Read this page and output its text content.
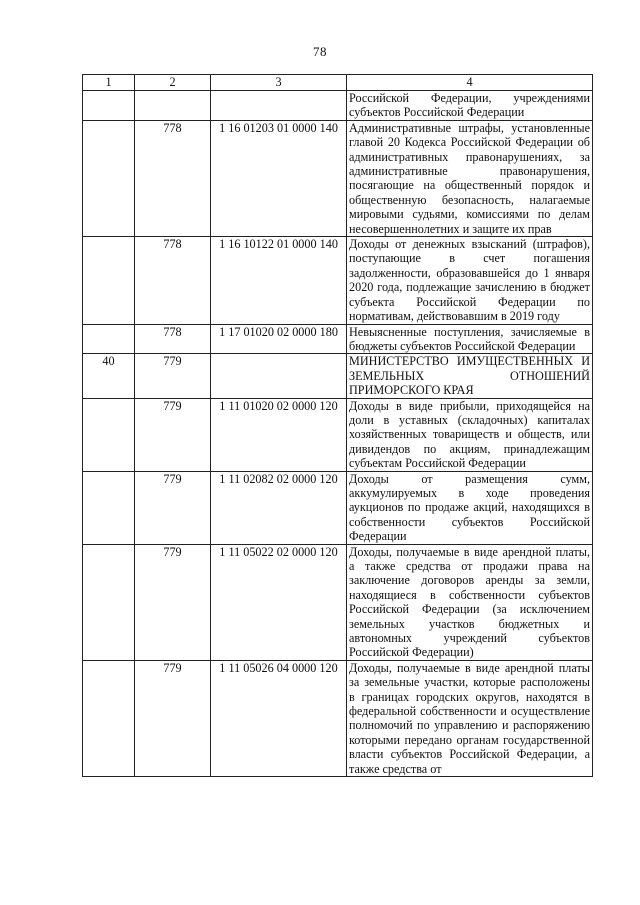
78
1	2	3	4
			Российской Федерации, учреждениями субъектов Российской Федерации
	778	1 16 01203 01 0000 140	Административные штрафы, установленные главой 20 Кодекса Российской Федерации об административных правонарушениях, за административные правонарушения, посягающие на общественный порядок и общественную безопасность, налагаемые мировыми судьями, комиссиями по делам несовершеннолетних и защите их прав
	778	1 16 10122 01 0000 140	Доходы от денежных взысканий (штрафов), поступающие в счет погашения задолженности, образовавшейся до 1 января 2020 года, подлежащие зачислению в бюджет субъекта Российской Федерации по нормативам, действовавшим в 2019 году
	778	1 17 01020 02 0000 180	Невыясненные поступления, зачисляемые в бюджеты субъектов Российской Федерации
40	779		МИНИСТЕРСТВО ИМУЩЕСТВЕННЫХ И ЗЕМЕЛЬНЫХ ОТНОШЕНИЙ ПРИМОРСКОГО КРАЯ
	779	1 11 01020 02 0000 120	Доходы в виде прибыли, приходящейся на доли в уставных (складочных) капиталах хозяйственных товариществ и обществ, или дивидендов по акциям, принадлежащим субъектам Российской Федерации
	779	1 11 02082 02 0000 120	Доходы от размещения сумм, аккумулируемых в ходе проведения аукционов по продаже акций, находящихся в собственности субъектов Российской Федерации
	779	1 11 05022 02 0000 120	Доходы, получаемые в виде арендной платы, а также средства от продажи права на заключение договоров аренды за земли, находящиеся в собственности субъектов Российской Федерации (за исключением земельных участков бюджетных и автономных учреждений субъектов Российской Федерации)
	779	1 11 05026 04 0000 120	Доходы, получаемые в виде арендной платы за земельные участки, которые расположены в границах городских округов, находятся в федеральной собственности и осуществление полномочий по управлению и распоряжению которыми передано органам государственной власти субъектов Российской Федерации, а также средства от
